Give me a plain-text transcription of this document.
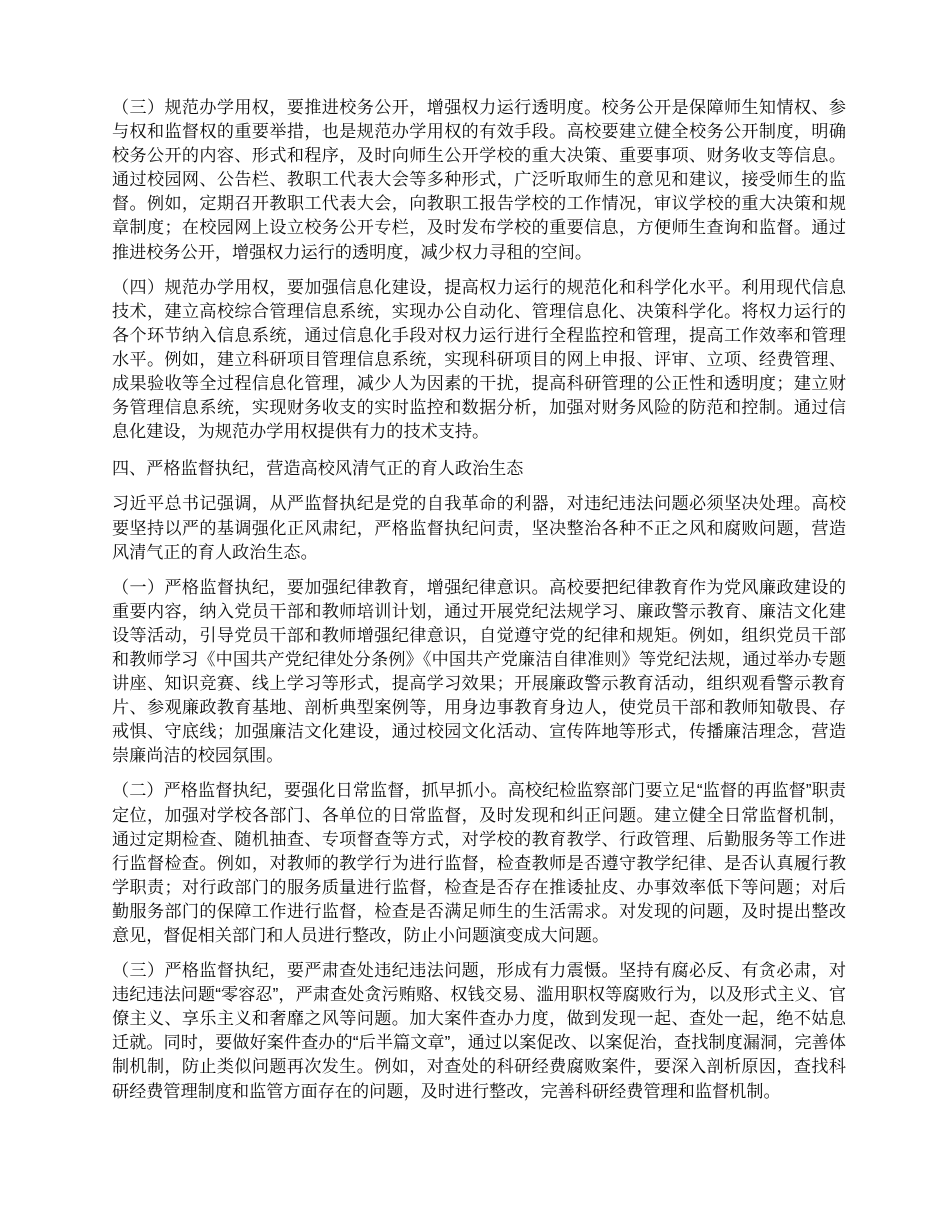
（三）规范办学用权，要推进校务公开，增强权力运行透明度。校务公开是保障师生知情权、参与权和监督权的重要举措，也是规范办学用权的有效手段。高校要建立健全校务公开制度，明确校务公开的内容、形式和程序，及时向师生公开学校的重大决策、重要事项、财务收支等信息。通过校园网、公告栏、教职工代表大会等多种形式，广泛听取师生的意见和建议，接受师生的监督。例如，定期召开教职工代表大会，向教职工报告学校的工作情况，审议学校的重大决策和规章制度；在校园网上设立校务公开专栏，及时发布学校的重要信息，方便师生查询和监督。通过推进校务公开，增强权力运行的透明度，减少权力寻租的空间。

（四）规范办学用权，要加强信息化建设，提高权力运行的规范化和科学化水平。利用现代信息技术，建立高校综合管理信息系统，实现办公自动化、管理信息化、决策科学化。将权力运行的各个环节纳入信息系统，通过信息化手段对权力运行进行全程监控和管理，提高工作效率和管理水平。例如，建立科研项目管理信息系统，实现科研项目的网上申报、评审、立项、经费管理、成果验收等全过程信息化管理，减少人为因素的干扰，提高科研管理的公正性和透明度；建立财务管理信息系统，实现财务收支的实时监控和数据分析，加强对财务风险的防范和控制。通过信息化建设，为规范办学用权提供有力的技术支持。

四、严格监督执纪，营造高校风清气正的育人政治生态

习近平总书记强调，从严监督执纪是党的自我革命的利器，对违纪违法问题必须坚决处理。高校要坚持以严的基调强化正风肃纪，严格监督执纪问责，坚决整治各种不正之风和腐败问题，营造风清气正的育人政治生态。

（一）严格监督执纪，要加强纪律教育，增强纪律意识。高校要把纪律教育作为党风廉政建设的重要内容，纳入党员干部和教师培训计划，通过开展党纪法规学习、廉政警示教育、廉洁文化建设等活动，引导党员干部和教师增强纪律意识，自觉遵守党的纪律和规矩。例如，组织党员干部和教师学习《中国共产党纪律处分条例》《中国共产党廉洁自律准则》等党纪法规，通过举办专题讲座、知识竞赛、线上学习等形式，提高学习效果；开展廉政警示教育活动，组织观看警示教育片、参观廉政教育基地、剖析典型案例等，用身边事教育身边人，使党员干部和教师知敬畏、存戒惧、守底线；加强廉洁文化建设，通过校园文化活动、宣传阵地等形式，传播廉洁理念，营造崇廉尚洁的校园氛围。

（二）严格监督执纪，要强化日常监督，抓早抓小。高校纪检监察部门要立足“监督的再监督”职责定位，加强对学校各部门、各单位的日常监督，及时发现和纠正问题。建立健全日常监督机制，通过定期检查、随机抽查、专项督查等方式，对学校的教育教学、行政管理、后勤服务等工作进行监督检查。例如，对教师的教学行为进行监督，检查教师是否遵守教学纪律、是否认真履行教学职责；对行政部门的服务质量进行监督，检查是否存在推诿扯皮、办事效率低下等问题；对后勤服务部门的保障工作进行监督，检查是否满足师生的生活需求。对发现的问题，及时提出整改意见，督促相关部门和人员进行整改，防止小问题演变成大问题。

（三）严格监督执纪，要严肃查处违纪违法问题，形成有力震慑。坚持有腐必反、有贪必肃，对违纪违法问题“零容忍”，严肃查处贪污贿赂、权钱交易、滥用职权等腐败行为，以及形式主义、官僚主义、享乐主义和奢靡之风等问题。加大案件查办力度，做到发现一起、查处一起，绝不姑息迁就。同时，要做好案件查办的“后半篇文章”，通过以案促改、以案促治，查找制度漏洞，完善体制机制，防止类似问题再次发生。例如，对查处的科研经费腐败案件，要深入剖析原因，查找科研经费管理制度和监管方面存在的问题，及时进行整改，完善科研经费管理和监督机制。
